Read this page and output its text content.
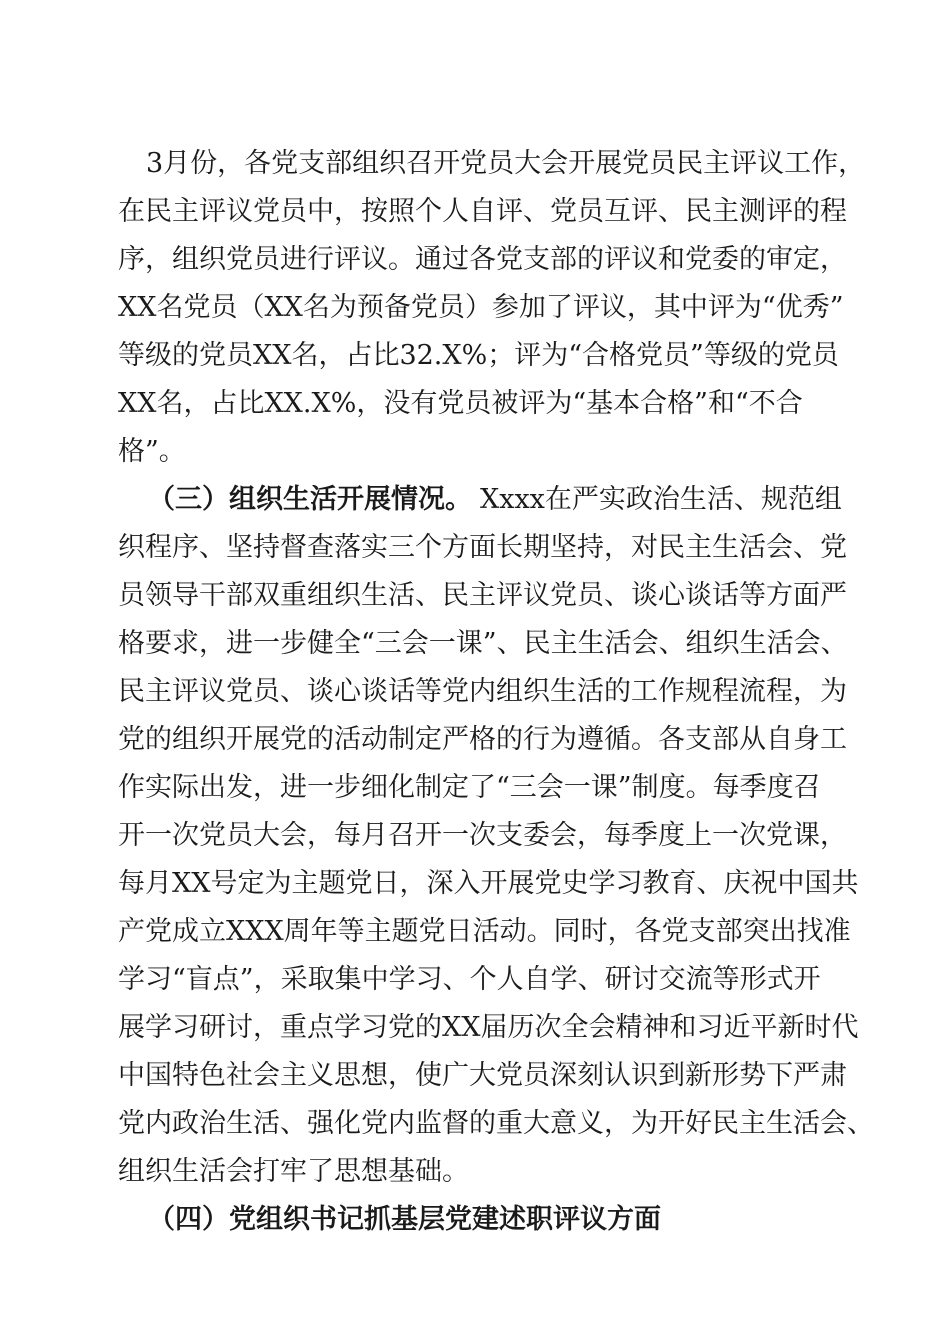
3月份，各党支部组织召开党员大会开展党员民主评议工作，
在民主评议党员中，按照个人自评、党员互评、民主测评的程
序，组织党员进行评议。通过各党支部的评议和党委的审定，
XX名党员（XX名为预备党员）参加了评议，其中评为“优秀”
等级的党员XX名，占比32.X%；评为“合格党员”等级的党员
XX名，占比XX.X%，没有党员被评为“基本合格”和“不合
格”。
（三）组织生活开展情况。 Xxxx在严实政治生活、规范组
织程序、坚持督查落实三个方面长期坚持，对民主生活会、党
员领导干部双重组织生活、民主评议党员、谈心谈话等方面严
格要求，进一步健全“三会一课”、民主生活会、组织生活会、
民主评议党员、谈心谈话等党内组织生活的工作规程流程，为
党的组织开展党的活动制定严格的行为遵循。各支部从自身工
作实际出发，进一步细化制定了“三会一课”制度。每季度召
开一次党员大会，每月召开一次支委会，每季度上一次党课，
每月XX号定为主题党日，深入开展党史学习教育、庆祝中国共
产党成立XXX周年等主题党日活动。同时，各党支部突出找准
学习“盲点”，采取集中学习、个人自学、研讨交流等形式开
展学习研讨，重点学习党的XX届历次全会精神和习近平新时代
中国特色社会主义思想，使广大党员深刻认识到新形势下严肃
党内政治生活、强化党内监督的重大意义，为开好民主生活会、
组织生活会打牢了思想基础。
（四）党组织书记抓基层党建述职评议方面
